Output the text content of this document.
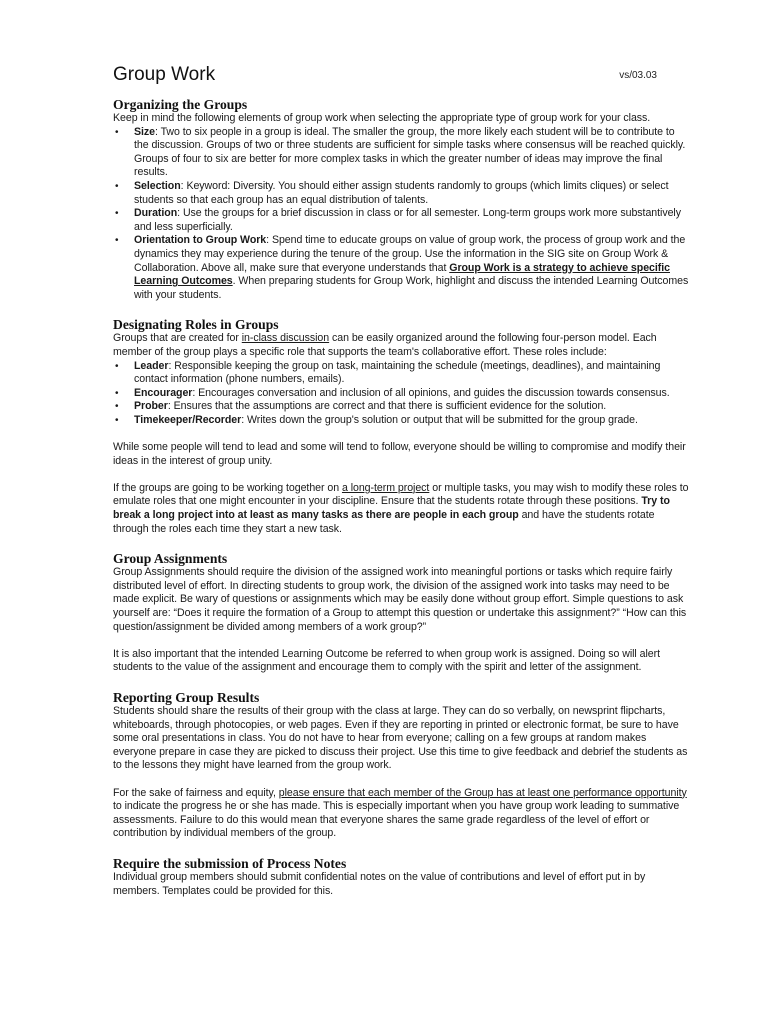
Group Work	vs/03.03
Organizing the Groups

Keep in mind the following elements of group work when selecting the appropriate type of group work for your class.

• Size: Two to six people in a group is ideal. The smaller the group, the more likely each student will be to contribute to the discussion. Groups of two or three students are sufficient for simple tasks where consensus will be reached quickly. Groups of four to six are better for more complex tasks in which the greater number of ideas may improve the final results.
• Selection: Keyword: Diversity. You should either assign students randomly to groups (which limits cliques) or select students so that each group has an equal distribution of talents.
• Duration: Use the groups for a brief discussion in class or for all semester. Long-term groups work more substantively and less superficially.
• Orientation to Group Work: Spend time to educate groups on value of group work, the process of group work and the dynamics they may experience during the tenure of the group. Use the information in the SIG site on Group Work & Collaboration. Above all, make sure that everyone understands that Group Work is a strategy to achieve specific Learning Outcomes. When preparing students for Group Work, highlight and discuss the intended Learning Outcomes with your students.
Designating Roles in Groups

Groups that are created for in-class discussion can be easily organized around the following four-person model. Each member of the group plays a specific role that supports the team's collaborative effort. These roles include:

• Leader: Responsible keeping the group on task, maintaining the schedule (meetings, deadlines), and maintaining contact information (phone numbers, emails).
• Encourager: Encourages conversation and inclusion of all opinions, and guides the discussion towards consensus.
• Prober: Ensures that the assumptions are correct and that there is sufficient evidence for the solution.
• Timekeeper/Recorder: Writes down the group's solution or output that will be submitted for the group grade.

While some people will tend to lead and some will tend to follow, everyone should be willing to compromise and modify their ideas in the interest of group unity.

If the groups are going to be working together on a long-term project or multiple tasks, you may wish to modify these roles to emulate roles that one might encounter in your discipline. Ensure that the students rotate through these positions. Try to break a long project into at least as many tasks as there are people in each group and have the students rotate through the roles each time they start a new task.

Group Assignments

Group Assignments should require the division of the assigned work into meaningful portions or tasks which require fairly distributed level of effort. In directing students to group work, the division of the assigned work into tasks may need to be made explicit. Be wary of questions or assignments which may be easily done without group effort. Simple questions to ask yourself are: “Does it require the formation of a Group to attempt this question or undertake this assignment?” “How can this question/assignment be divided among members of a work group?”

It is also important that the intended Learning Outcome be referred to when group work is assigned. Doing so will alert students to the value of the assignment and encourage them to comply with the spirit and letter of the assignment.

Reporting Group Results

Students should share the results of their group with the class at large. They can do so verbally, on newsprint flipcharts, whiteboards, through photocopies, or web pages. Even if they are reporting in printed or electronic format, be sure to have some oral presentations in class. You do not have to hear from everyone; calling on a few groups at random makes everyone prepare in case they are picked to discuss their project. Use this time to give feedback and debrief the students as to the lessons they might have learned from the group work.

For the sake of fairness and equity, please ensure that each member of the Group has at least one performance opportunity to indicate the progress he or she has made. This is especially important when you have group work leading to summative assessments. Failure to do this would mean that everyone shares the same grade regardless of the level of effort or contribution by individual members of the group.

Require the submission of Process Notes

Individual group members should submit confidential notes on the value of contributions and level of effort put in by members. Templates could be provided for this.
